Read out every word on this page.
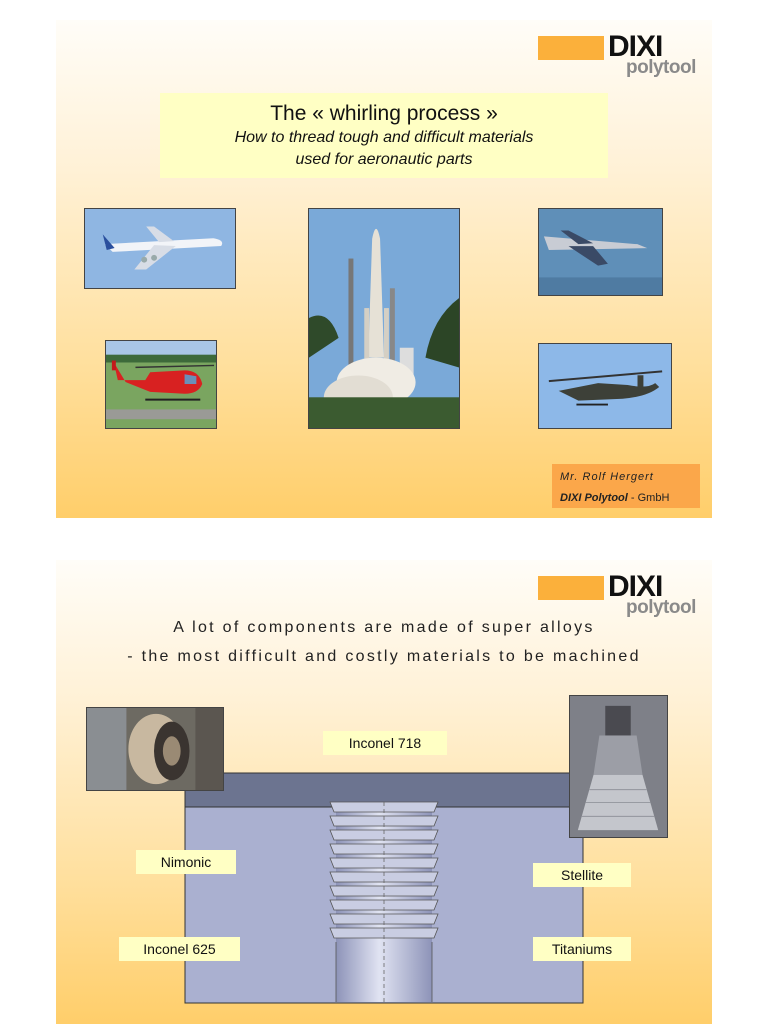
DIXI
polytool
The « whirling process »
How to thread tough and difficult materials
used for aeronautic parts
Mr. Rolf Hergert
DIXI Polytool - GmbH
DIXI
polytool
A lot of components are made of super alloys
- the most difficult and costly materials to be machined
Inconel 718
Nimonic
Stellite
Inconel 625	Titaniums
